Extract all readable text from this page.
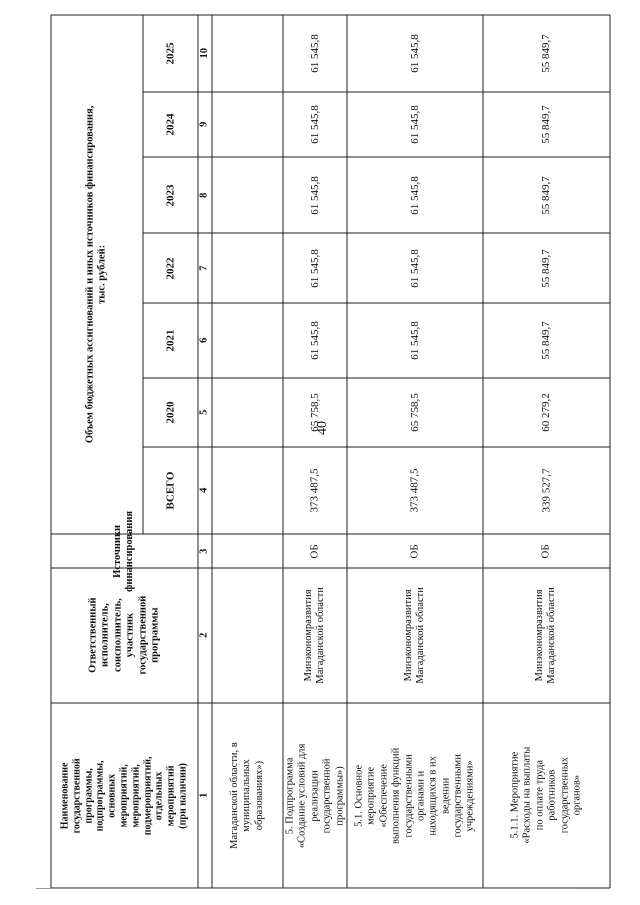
40
Наименование
государственной
программы,
подпрограммы,
основных
мероприятий,
мероприятий,
подмероприятий,
отдельных
мероприятий
(при наличии)
Ответственный
исполнитель,
соисполнитель,
участник
государственной
программы
Источники
финансирования
Объем бюджетных ассигнований и иных источников финансирования,
тыс. рублей:
ВСЕГО
2020
2021
2022
2023
2024
2025
1
2
3
4
5
6
7
8
9
10
Магаданской области, в
муниципальных
образованиях») 5. Подпрограмма
«Создание условий для
реализации
государственной
программы»)
Минэкономразвития
Магаданской области
ОБ
373 487,5
65 758,5
61 545,8
61 545,8
61 545,8
61 545,8
61 545,8
5.1. Основное
мероприятие
«Обеспечение
выполнения функций
государственными
органами и
находящихся в их
ведении
государственными
учреждениями»
Минэкономразвития
Магаданской области
ОБ
373 487,5
65 758,5
61 545,8
61 545,8
61 545,8
61 545,8
61 545,8
5.1.1. Мероприятие
«Расходы на выплаты
по оплате труда
работников
государственных
органов»
Минэкономразвития
Магаданской области
ОБ
339 527,7
60 279,2
55 849,7
55 849,7
55 849,7
55 849,7
55 849,7
